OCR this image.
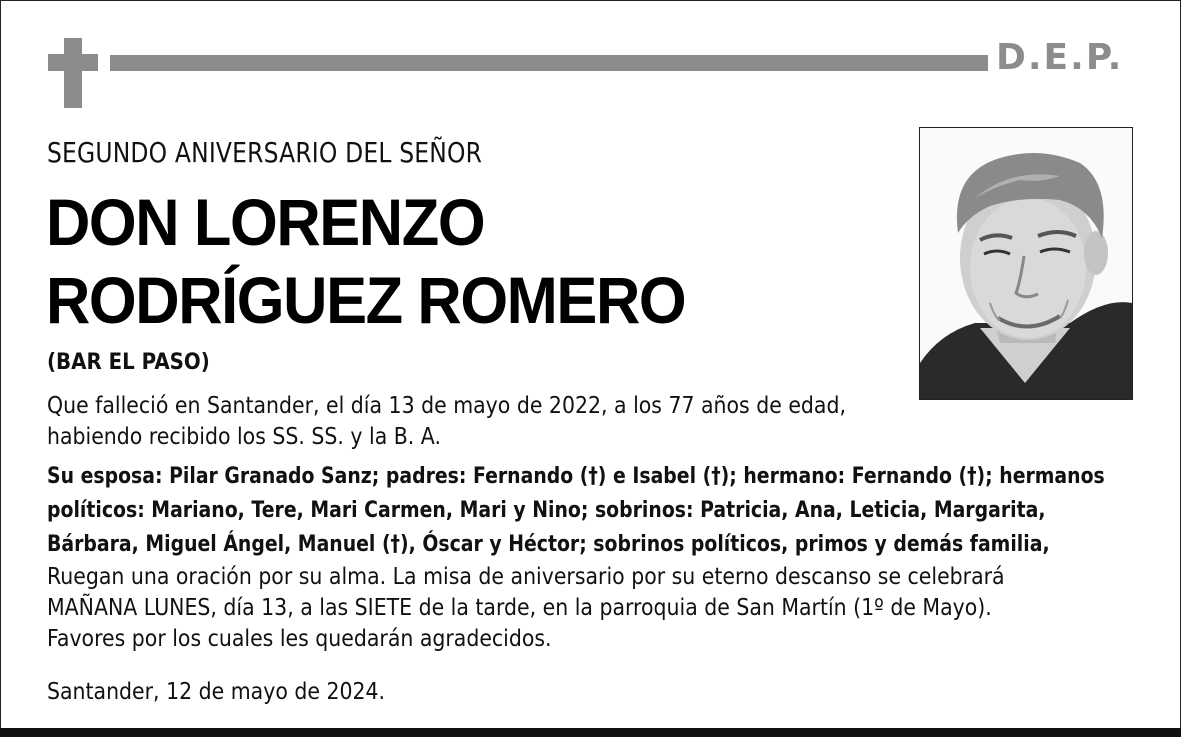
D.E.P.
SEGUNDO ANIVERSARIO DEL SEÑOR
DON LORENZO
RODRÍGUEZ ROMERO
(BAR EL PASO)
Que falleció en Santander, el día 13 de mayo de 2022, a los 77 años de edad,
habiendo recibido los SS. SS. y la B. A.
Su esposa: Pilar Granado Sanz; padres: Fernando (†) e Isabel (†); hermano: Fernando (†); hermanos
políticos: Mariano, Tere, Mari Carmen, Mari y Nino; sobrinos: Patricia, Ana, Leticia, Margarita,
Bárbara, Miguel Ángel, Manuel (†), Óscar y Héctor; sobrinos políticos, primos y demás familia,
Ruegan una oración por su alma. La misa de aniversario por su eterno descanso se celebrará
MAÑANA LUNES, día 13, a las SIETE de la tarde, en la parroquia de San Martín (1º de Mayo).
Favores por los cuales les quedarán agradecidos.
Santander, 12 de mayo de 2024.
